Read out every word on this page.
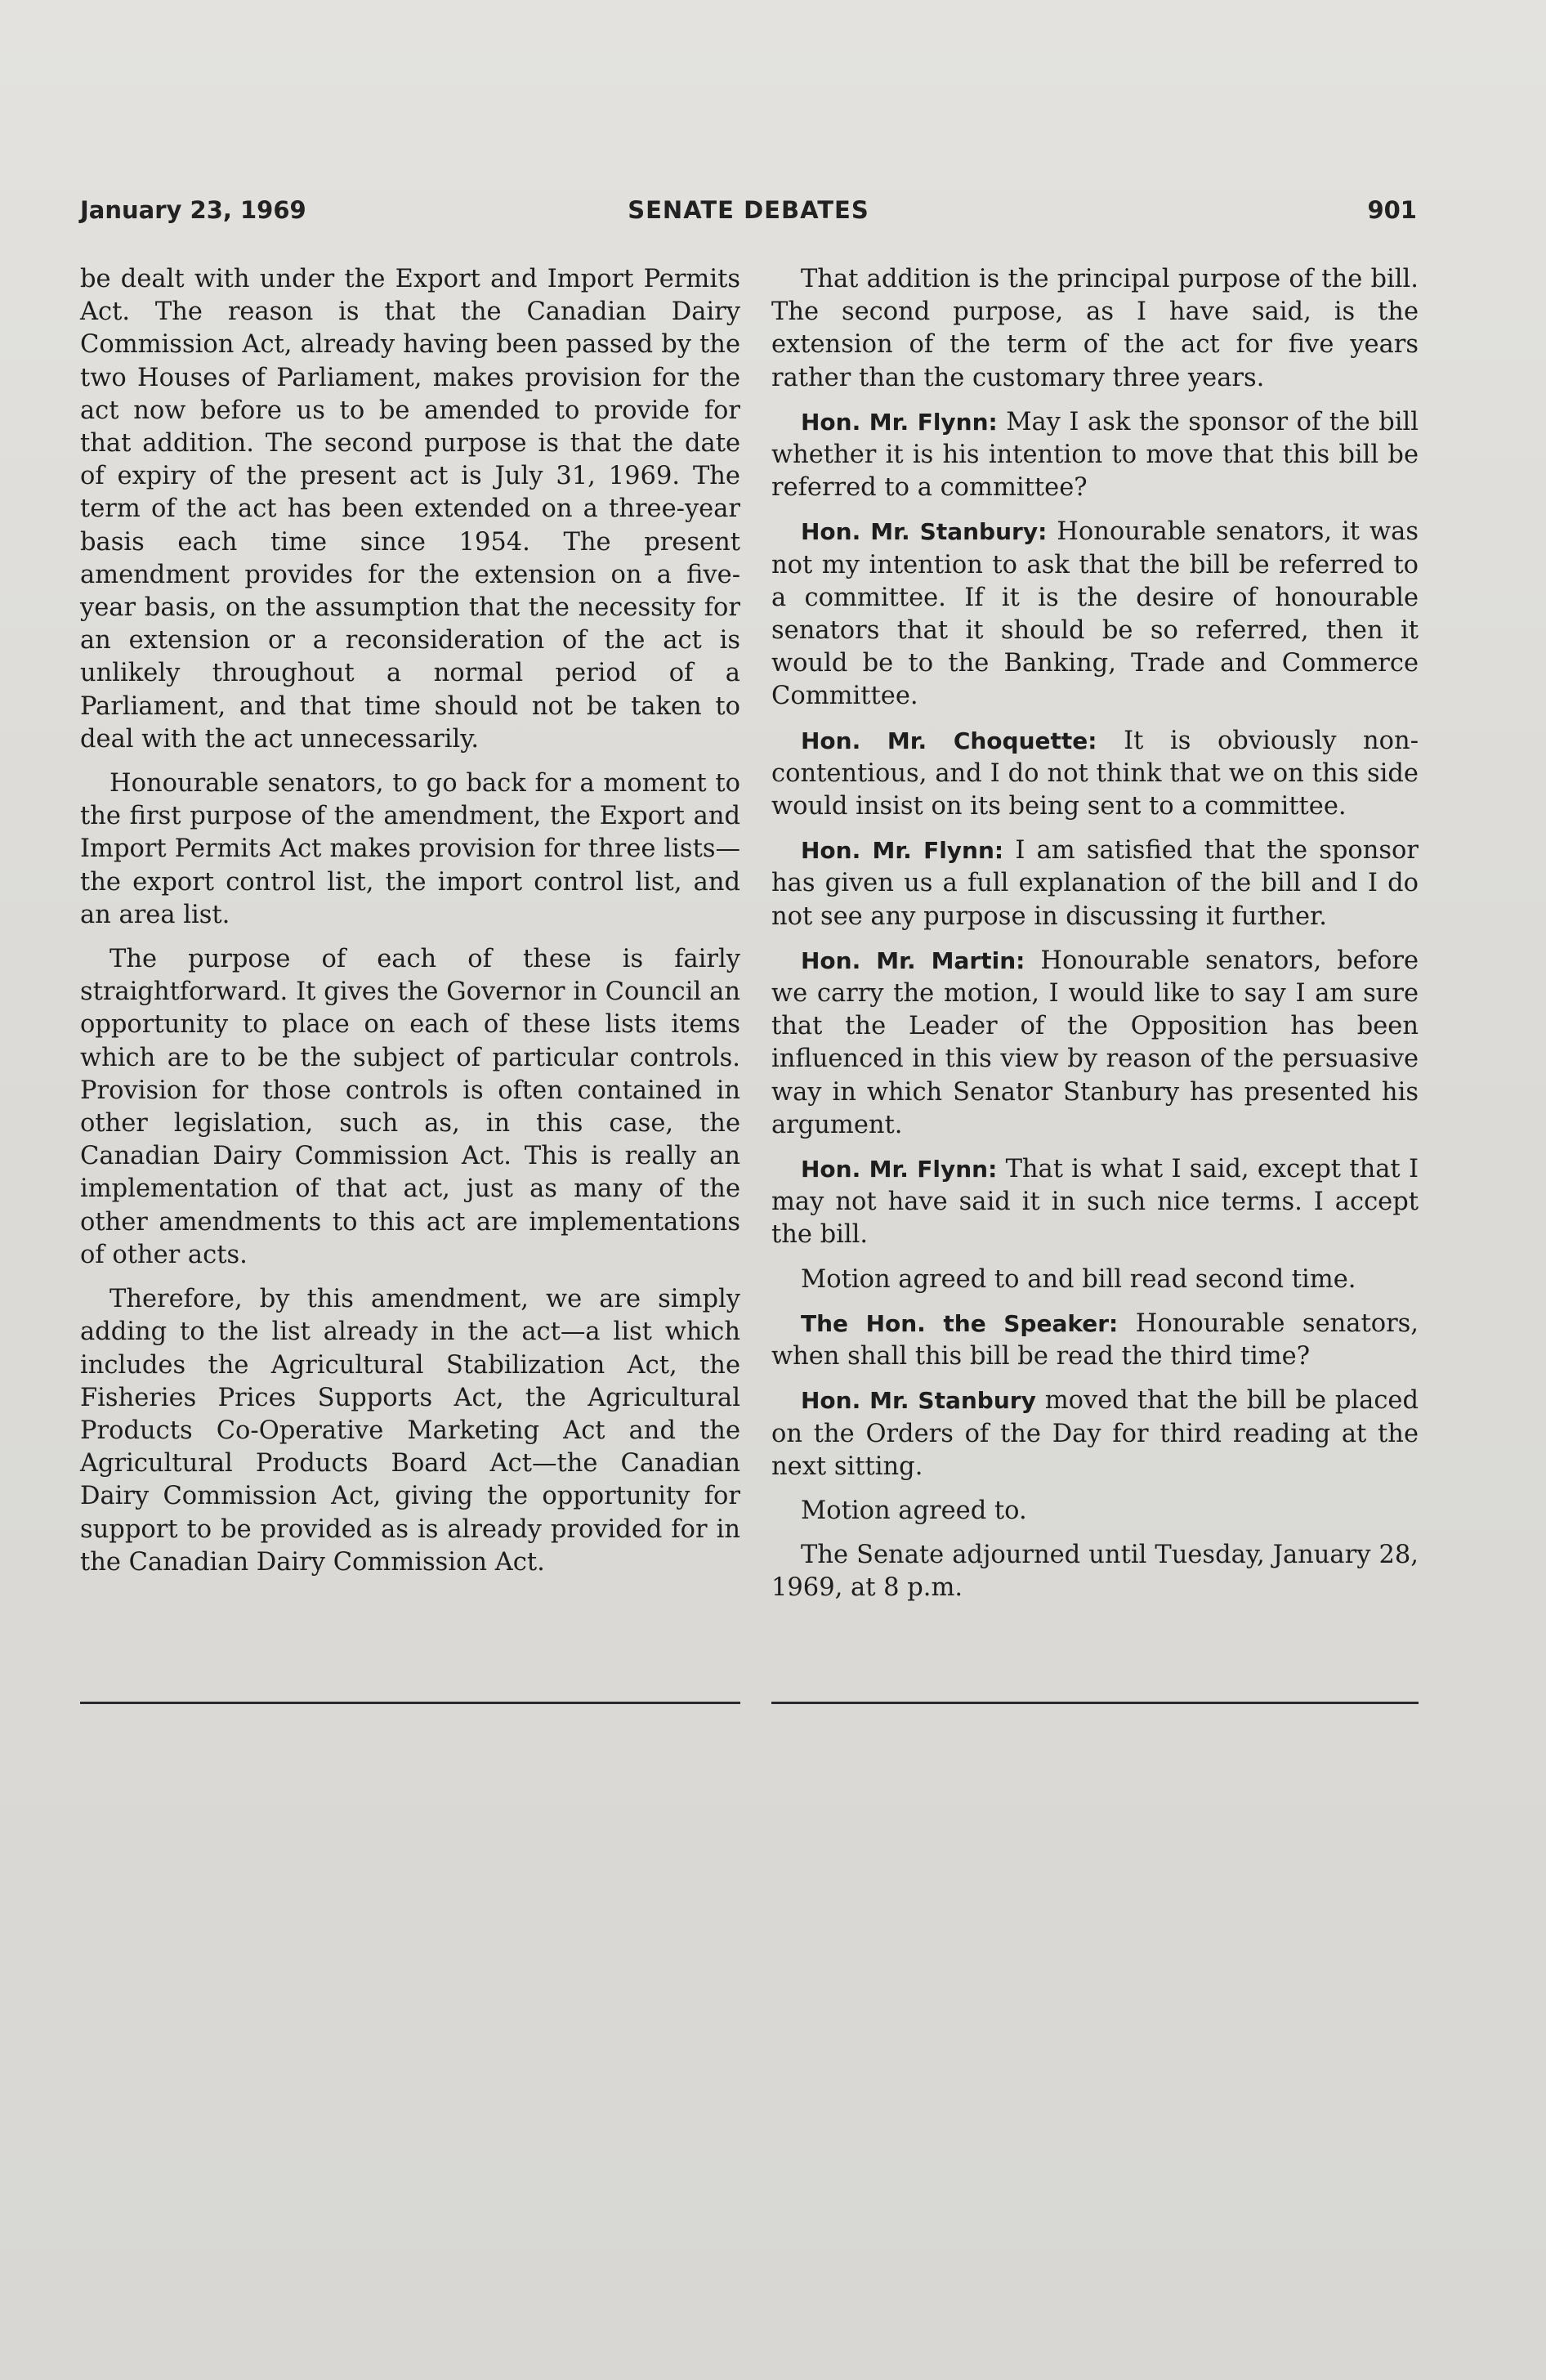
January 23, 1969	SENATE DEBATES	901

be dealt with under the Export and Import Permits Act. The reason is that the Canadian Dairy Commission Act, already having been passed by the two Houses of Parliament, makes provision for the act now before us to be amended to provide for that addition. The second purpose is that the date of expiry of the present act is July 31, 1969. The term of the act has been extended on a three-year basis each time since 1954. The present amendment provides for the extension on a five-year basis, on the assumption that the necessity for an extension or a reconsideration of the act is unlikely throughout a normal period of a Parliament, and that time should not be taken to deal with the act unnecessarily.

Honourable senators, to go back for a moment to the first purpose of the amendment, the Export and Import Permits Act makes provision for three lists—the export control list, the import control list, and an area list.

The purpose of each of these is fairly straightforward. It gives the Governor in Council an opportunity to place on each of these lists items which are to be the subject of particular controls. Provision for those controls is often contained in other legislation, such as, in this case, the Canadian Dairy Commission Act. This is really an implementation of that act, just as many of the other amendments to this act are implementations of other acts.

Therefore, by this amendment, we are simply adding to the list already in the act—a list which includes the Agricultural Stabilization Act, the Fisheries Prices Supports Act, the Agricultural Products Co-Operative Marketing Act and the Agricultural Products Board Act—the Canadian Dairy Commission Act, giving the opportunity for support to be provided as is already provided for in the Canadian Dairy Commission Act.

That addition is the principal purpose of the bill. The second purpose, as I have said, is the extension of the term of the act for five years rather than the customary three years.

Hon. Mr. Flynn: May I ask the sponsor of the bill whether it is his intention to move that this bill be referred to a committee?

Hon. Mr. Stanbury: Honourable senators, it was not my intention to ask that the bill be referred to a committee. If it is the desire of honourable senators that it should be so referred, then it would be to the Banking, Trade and Commerce Committee.

Hon. Mr. Choquette: It is obviously noncontentious, and I do not think that we on this side would insist on its being sent to a committee.

Hon. Mr. Flynn: I am satisfied that the sponsor has given us a full explanation of the bill and I do not see any purpose in discussing it further.

Hon. Mr. Martin: Honourable senators, before we carry the motion, I would like to say I am sure that the Leader of the Opposition has been influenced in this view by reason of the persuasive way in which Senator Stanbury has presented his argument.

Hon. Mr. Flynn: That is what I said, except that I may not have said it in such nice terms. I accept the bill.

Motion agreed to and bill read second time.

The Hon. the Speaker: Honourable senators, when shall this bill be read the third time?

Hon. Mr. Stanbury moved that the bill be placed on the Orders of the Day for third reading at the next sitting.

Motion agreed to.

The Senate adjourned until Tuesday, January 28, 1969, at 8 p.m.
